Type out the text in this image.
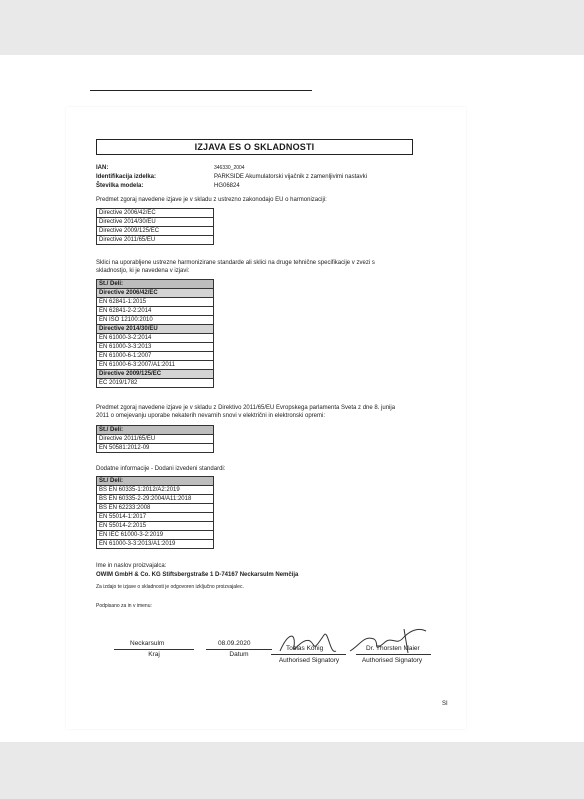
IZJAVA ES O SKLADNOSTI
IAN:	346330_2004
Identifikacija izdelka:	PARKSIDE Akumulatorski vijačnik z zamenljivimi nastavki
Številka modela:	HG06824
Predmet zgoraj navedene izjave je v skladu z ustrezno zakonodajo EU o harmonizaciji:
Directive 2006/42/EC
Directive 2014/30/EU
Directive 2009/125/EC
Directive 2011/65/EU
Sklici na uporabljene ustrezne harmonizirane standarde ali sklici na druge tehnične specifikacije v zvezi s
skladnostjo, ki je navedena v izjavi:
Št./ Deli:
Directive 2006/42/EC
EN 62841-1:2015
EN 62841-2-2:2014
EN ISO 12100:2010
Directive 2014/30/EU
EN 61000-3-2:2014
EN 61000-3-3:2013
EN 61000-6-1:2007
EN 61000-6-3:2007/A1:2011
Directive 2009/125/EC
EC 2019/1782
Predmet zgoraj navedene izjave je v skladu z Direktivo 2011/65/EU Evropskega parlamenta Sveta z dne 8. junija
2011 o omejevanju uporabe nekaterih nevarnih snovi v električni in elektronski opremi:
Št./ Deli:
Directive 2011/65/EU
EN 50581:2012-09
Dodatne informacije - Dodani izvedeni standardi:
Št./ Deli:
BS EN 60335-1:2012/A2:2019
BS EN 60335-2-29:2004/A11:2018
BS EN 62233:2008
EN 55014-1:2017
EN 55014-2:2015
EN IEC 61000-3-2:2019
EN 61000-3-3:2013/A1:2019
Ime in naslov proizvajalca:
OWIM GmbH & Co. KG Stiftsbergstraße 1 D-74167 Neckarsulm Nemčija
Za izdajo te izjave o skladnosti je odgovoren izključno proizvajalec.
Podpisano za in v imenu:
Neckarsulm
Kraj
08.09.2020
Datum
Tobias König
Authorised Signatory
Dr. Thorsten Maier
Authorised Signatory
SI
